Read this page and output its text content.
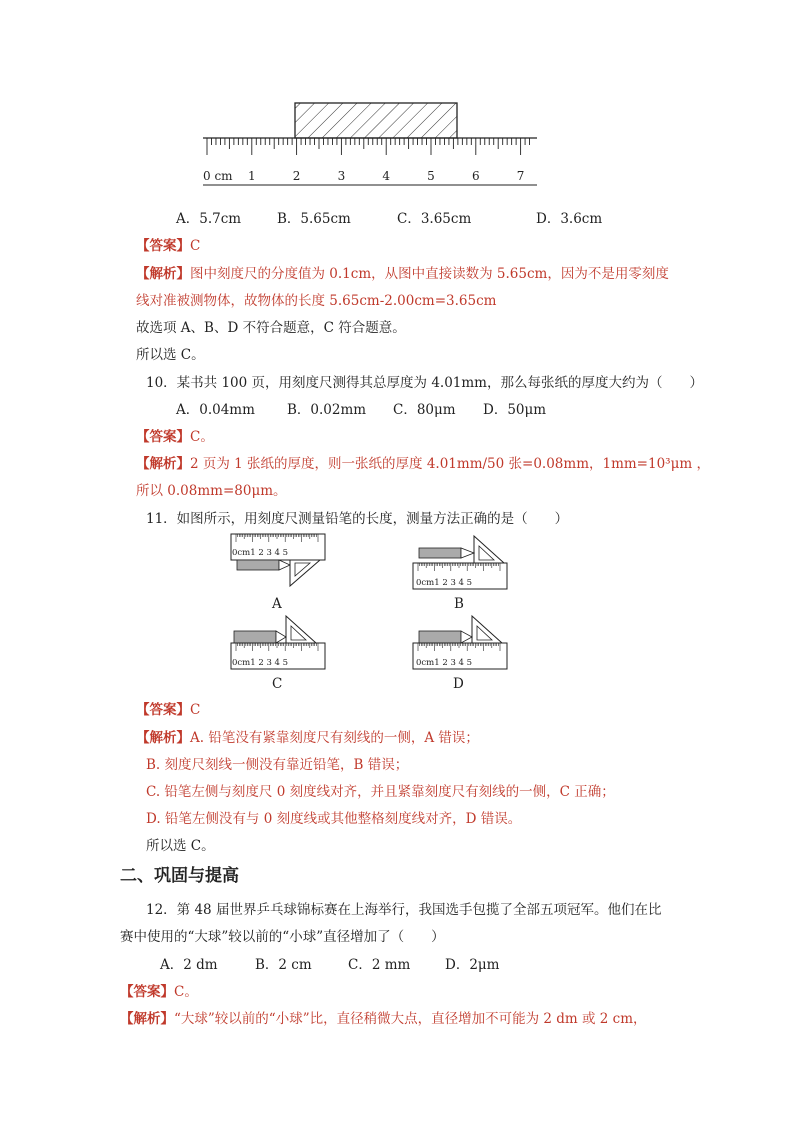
0 cm 1	2	3	4	5	6	7
A．5.7cm	B．5.65cm	C．3.65cm	D．3.6cm
【答案】C
【解析】图中刻度尺的分度值为 0.1cm，从图中直接读数为 5.65cm，因为不是用零刻度
线对准被测物体，故物体的长度 5.65cm-2.00cm=3.65cm
故选项 A、B、D 不符合题意，C 符合题意。
所以选 C。
10．某书共 100 页，用刻度尺测得其总厚度为 4.01mm，那么每张纸的厚度大约为（　　）
A．0.04mm B．0.02mm C．80μm D．50μm
【答案】C。
【解析】2 页为 1 张纸的厚度，则一张纸的厚度 4.01mm/50 张=0.08mm，1mm=10³μm ，
所以 0.08mm=80μm。
11．如图所示，用刻度尺测量铅笔的长度，测量方法正确的是（　　）
0cm1 2 3 4 5
A
0cm1 2 3 4 5
B
0cm1 2 3 4 5
C
0cm1 2 3 4 5
D
【答案】C
【解析】A. 铅笔没有紧靠刻度尺有刻线的一侧，A 错误；
B. 刻度尺刻线一侧没有靠近铅笔，B 错误；
C. 铅笔左侧与刻度尺 0 刻度线对齐，并且紧靠刻度尺有刻线的一侧，C 正确；
D. 铅笔左侧没有与 0 刻度线或其他整格刻度线对齐，D 错误。
所以选 C。
二、巩固与提高
12．第 48 届世界乒乓球锦标赛在上海举行，我国选手包揽了全部五项冠军。他们在比
赛中使用的“大球”较以前的“小球”直径增加了（　　）
A．2 dm	B．2 cm	C．2 mm	D．2μm
【答案】C。
【解析】“大球”较以前的“小球”比，直径稍微大点，直径增加不可能为 2 dm 或 2 cm，
